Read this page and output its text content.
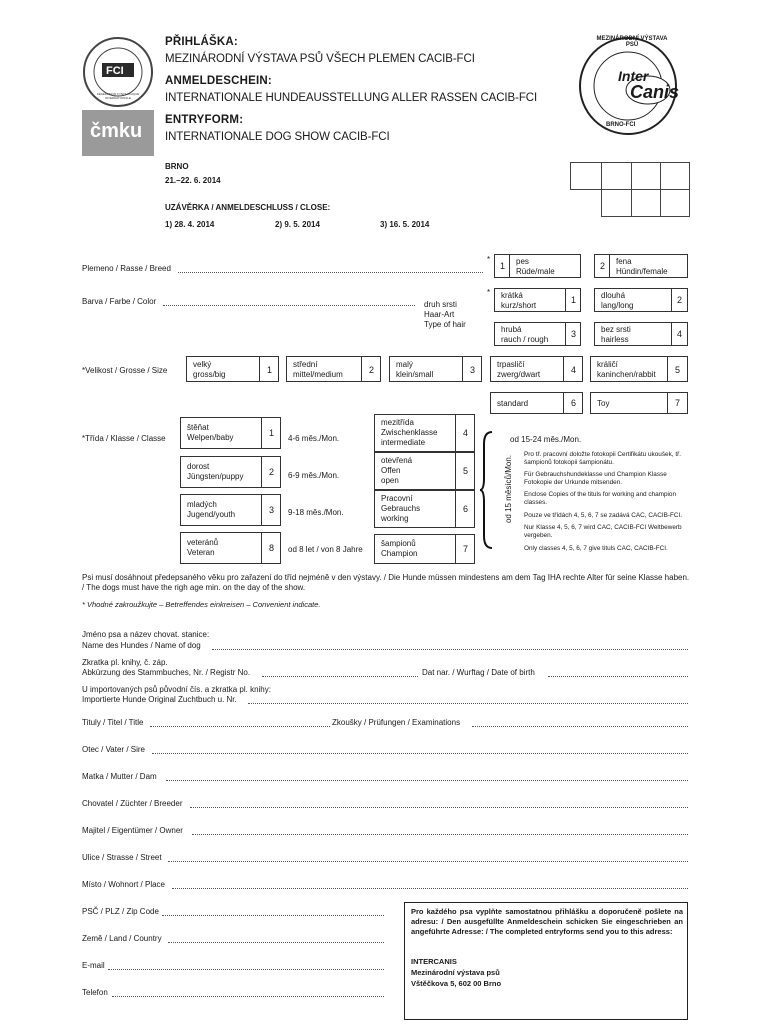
FCI
FÉDÉRATION CYNOLOGIQUE INTERNATIONALE
čmku
MEZINÁRODNÍ VÝSTAVA PSŮ
Inter
Canis
BRNO-FCI
PŘIHLÁŠKA:
MEZINÁRODNÍ VÝSTAVA PSŮ VŠECH PLEMEN CACIB-FCI
ANMELDESCHEIN:
INTERNATIONALE HUNDEAUSSTELLUNG ALLER RASSEN CACIB-FCI
ENTRYFORM:
INTERNATIONALE DOG SHOW CACIB-FCI
BRNO
21.–22. 6. 2014
UZÁVĚRKA / ANMELDESCHLUSS / CLOSE:
1) 28. 4. 2014	2) 9. 5. 2014	3) 16. 5. 2014
Plemeno / Rasse / Breed
*
1 pes
Rüde/male
2 fena
Hündin/female
Barva / Farbe / Color	druh srsti
Haar-Art
Type of hair
* krátká
kurz/short
1	dlouhá
lang/long
2
hrubá
rauch / rough
3	bez srsti
hairless
4
*Velikost / Grosse / Size
velký
gross/big	1
střední
mittel/medium	2
malý
klein/small	3
trpasličí
zwerg/dwart	4
králičí
kaninchen/rabbit 5
standard	6	Toy	7
*Třída / Klasse / Classe
štěňat
Welpen/baby	1
4-6 měs./Mon.
dorost
Jüngsten/puppy	2 6-9 měs./Mon.
mladých
Jugend/youth	3 9-18 měs./Mon.
veteránů
Veteran	8 od 8 let / von 8 Jahre
mezitřída
Zwischenklasse
intermediate
4
otevřená
Offen
open
5
Pracovní
Gebrauchs
working
6
šampionů
Champion	7
od 15 měsíců/Mon.
od 15-24 měs./Mon.
Pro tř. pracovní doložte fotokopii Certifikátu ukoušek, tř. šampionů fotokopii šampionátu.
Für Gebrauchshundeklasse und Champion Klasse Fotokopie der Urkunde mitsenden.
Enclose Copies of the tituls for working and champion classes.
Pouze ve třídách 4, 5, 6, 7 se zadává CAC, CACIB-FCI.
Nur Klasse 4, 5, 6, 7 wird CAC, CACIB-FCI Weltbewerb vergeben.
Only classes 4, 5, 6, 7 give tituls CAC, CACIB-FCI.
Psi musí dosáhnout předepsaného věku pro zařazení do tříd nejméně v den výstavy. / Die Hunde müssen mindestens am dem Tag IHA rechte Alter für seine Klasse haben. / The dogs must have the righ age min. on the day of the show.
* Vhodné zakroužkujte – Betreffendes einkreisen – Convenient indicate.
Jméno psa a název chovat. stanice:
Name des Hundes / Name of dog
Zkratka pl. knihy, č. záp.
Abkürzung des Stammbuches, Nr. / Registr No.	Dat nar. / Wurftag / Date of birth
U importovaných psů původní čís. a zkratka pl. knihy:
Importierte Hunde Original Zuchtbuch u. Nr.
Tituly / Titel / Title	Zkoušky / Prüfungen / Examinations
Otec / Vater / Sire
Matka / Mutter / Dam
Chovatel / Züchter / Breeder
Majitel / Eigentümer / Owner
Ulice / Strasse / Street
Místo / Wohnort / Place
PSČ / PLZ / Zip Code
Země / Land / Country
E-mail
Telefon
Pro každého psa vyplňte samostatnou přihlášku a doporučeně pošlete na adresu: / Den ausgefüllte Anmeldeschein schicken Sie eingeschrieben an angeführte Adresse: / The completed entryforms send you to this adress:
INTERCANIS
Mezinárodní výstava psů
Vštěčkova 5, 602 00 Brno
